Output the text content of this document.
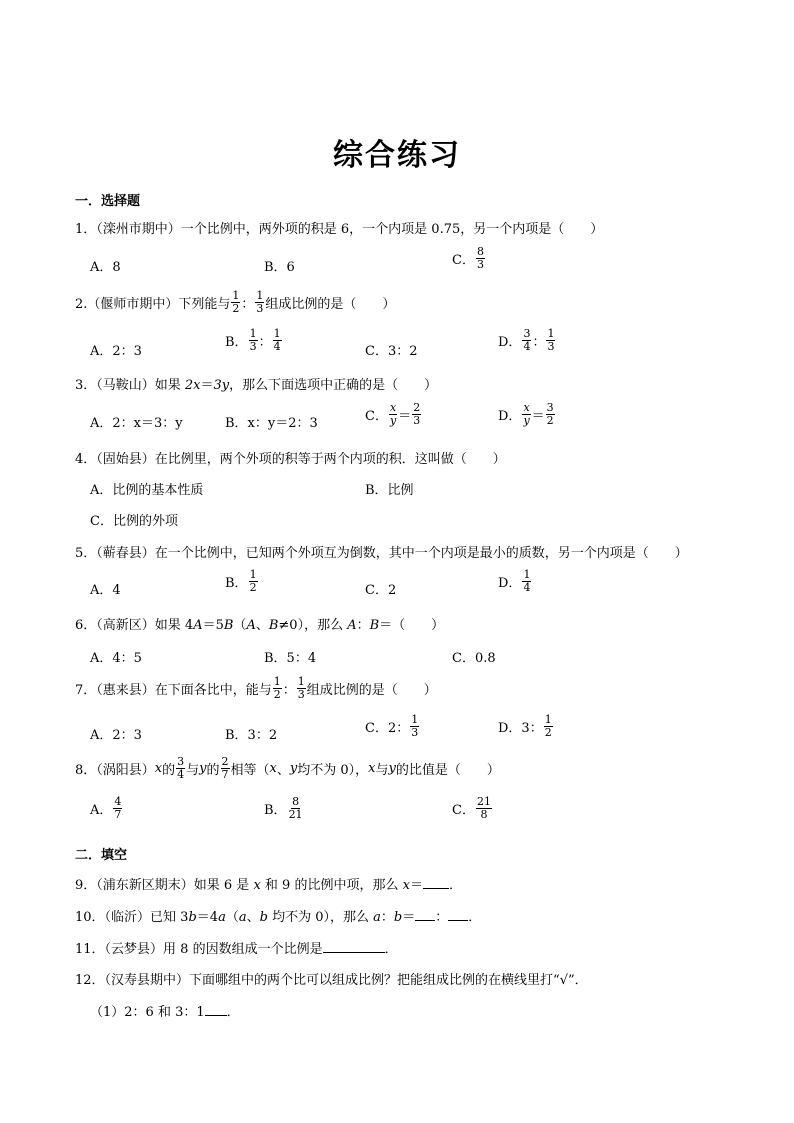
综合练习
一．选择题
1．（滦州市期中）一个比例中，两外项的积是 6，一个内项是 0.75，另一个内项是（　　）
A．8	B．6	C． $\frac{8}{3}$
2.（偃师市期中）下列能与 $\frac{1}{2}$ ： $\frac{1}{3}$ 组成比例的是（　　）
A．2：3
B． $\frac{1}{3}$ ： $\frac{1}{4}$	C．3：2
D． $\frac{3}{4}$ ： $\frac{1}{3}$
3．（马鞍山）如果 2x＝3y，那么下面选项中正确的是（　　）
A．2：x＝3：y	B．x：y＝2：3	C． $\frac{x}{y} = \frac{2}{3}$	D． $\frac{x}{y} = \frac{3}{2}$
4．（固始县）在比例里，两个外项的积等于两个内项的积．这叫做（　　）
A．比例的基本性质	B．比例
C．比例的外项
5．（蕲春县）在一个比例中，已知两个外项互为倒数，其中一个内项是最小的质数，另一个内项是（　　）
A．4	B． $\frac{1}{2}$	C．2	D． $\frac{1}{4}$
6．（高新区）如果 4A＝5B（A、B≠0），那么 A：B＝（　　）
A．4：5	B．5：4	C．0.8
7．（惠来县）在下面各比中，能与 $\frac{1}{2}$ ： $\frac{1}{3}$ 组成比例的是（　　）
A．2：3	B．3：2	C．2： $\frac{1}{3}$	D．3： $\frac{1}{2}$
8．（涡阳县） x 的 $\frac{3}{4}$ 与 y 的 $\frac{2}{7}$ 相等（ x 、 y 均不为 0）， x 与 y 的比值是（　　）
A． $\frac{4}{7}$	B． $\frac{8}{21}$	C． $\frac{21}{8}$
二．填空
9．（浦东新区期末）如果 6 是 x 和 9 的比例中项，那么 x＝ ．
10．（临沂）已知 3b＝4a（a、b 均不为 0），那么 a：b＝ ： ．
11．（云梦县）用 8 的因数组成一个比例是	．
12．（汉寿县期中）下面哪组中的两个比可以组成比例？把能组成比例的在横线里打“√”．
（1）2：6 和 3：1 ．
